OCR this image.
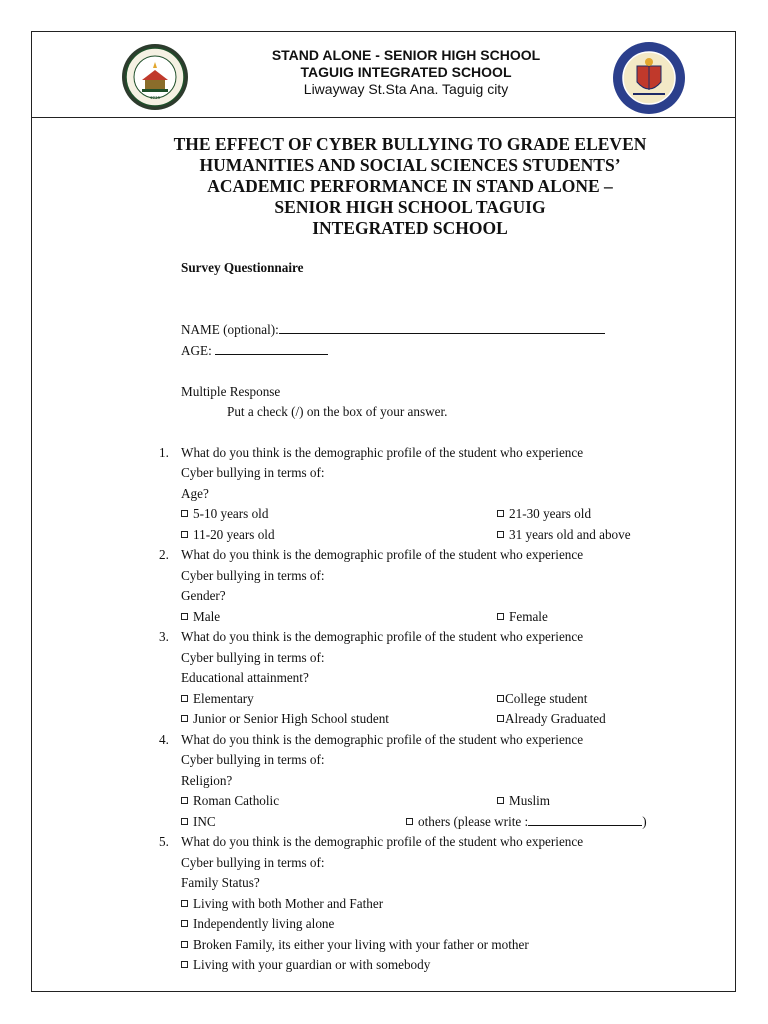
1916
STAND ALONE - SENIOR HIGH SCHOOL
TAGUIG INTEGRATED SCHOOL
Liwayway St.Sta Ana. Taguig city
THE EFFECT OF CYBER BULLYING TO GRADE ELEVEN
HUMANITIES AND SOCIAL SCIENCES STUDENTS’
ACADEMIC PERFORMANCE IN STAND ALONE –
SENIOR HIGH SCHOOL TAGUIG
INTEGRATED SCHOOL
Survey Questionnaire
NAME (optional):
AGE:
Multiple Response
Put a check (/) on the box of your answer.
1. What do you think is the demographic profile of the student who experience
Cyber bullying in terms of:
Age?
5-10 years old	21-30 years old
11-20 years old	31 years old and above
2. What do you think is the demographic profile of the student who experience
Cyber bullying in terms of:
Gender?
Male	Female
3. What do you think is the demographic profile of the student who experience
Cyber bullying in terms of:
Educational attainment?
Elementary	College student
Junior or Senior High School student	Already Graduated
4. What do you think is the demographic profile of the student who experience
Cyber bullying in terms of:
Religion?
Roman Catholic	Muslim
INC	others (please write :	)
5. What do you think is the demographic profile of the student who experience
Cyber bullying in terms of:
Family Status?
Living with both Mother and Father
Independently living alone
Broken Family, its either your living with your father or mother
Living with your guardian or with somebody
